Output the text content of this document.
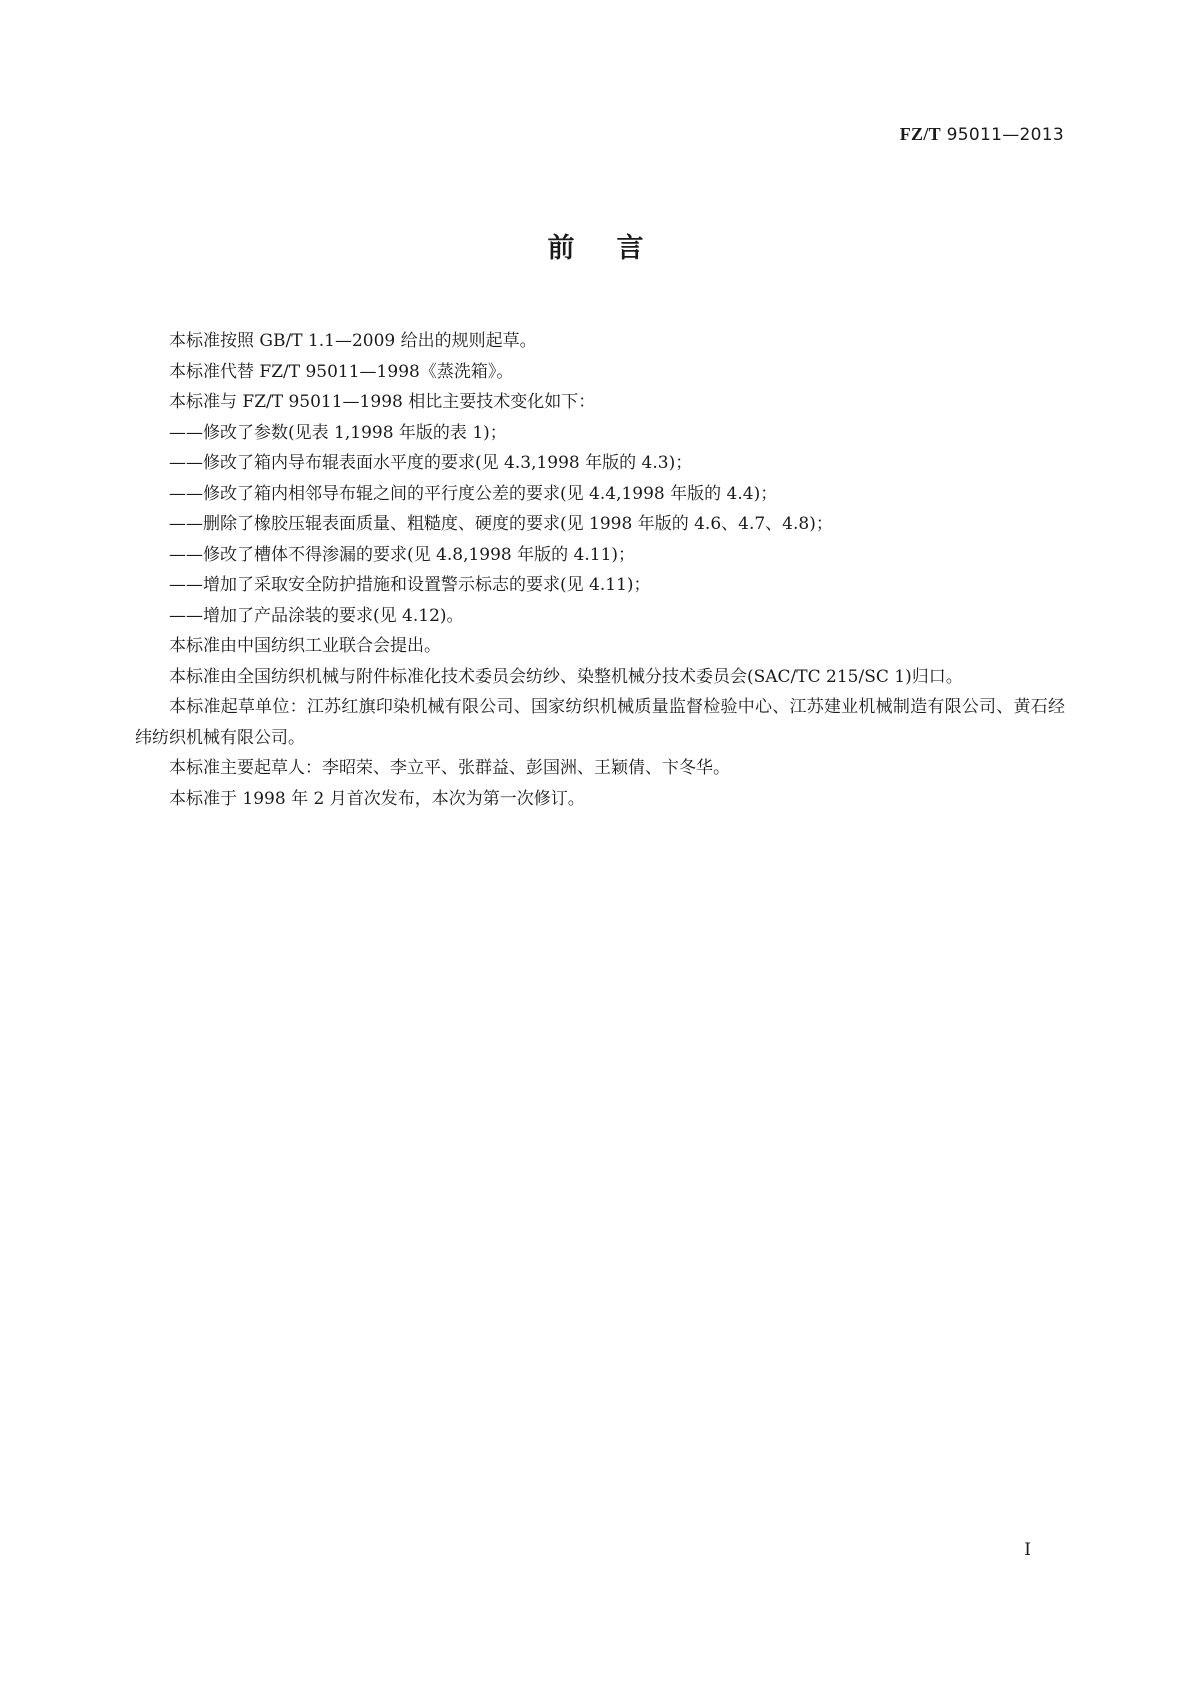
FZ/T 95011—2013
前言

本标准按照 GB/T 1.1—2009 给出的规则起草。

本标准代替 FZ/T 95011—1998《蒸洗箱》。

本标准与 FZ/T 95011—1998 相比主要技术变化如下：

——修改了参数(见表 1,1998 年版的表 1)；

——修改了箱内导布辊表面水平度的要求(见 4.3,1998 年版的 4.3)；

——修改了箱内相邻导布辊之间的平行度公差的要求(见 4.4,1998 年版的 4.4)；

——删除了橡胶压辊表面质量、粗糙度、硬度的要求(见 1998 年版的 4.6、4.7、4.8)；

——修改了槽体不得渗漏的要求(见 4.8,1998 年版的 4.11)；

——增加了采取安全防护措施和设置警示标志的要求(见 4.11)；

——增加了产品涂装的要求(见 4.12)。

本标准由中国纺织工业联合会提出。

本标准由全国纺织机械与附件标准化技术委员会纺纱、染整机械分技术委员会(SAC/TC 215/SC 1)归口。

本标准起草单位：江苏红旗印染机械有限公司、国家纺织机械质量监督检验中心、江苏建业机械制造有限公司、黄石经纬纺织机械有限公司。

本标准主要起草人：李昭荣、李立平、张群益、彭国洲、王颖倩、卞冬华。

本标准于 1998 年 2 月首次发布，本次为第一次修订。

I
